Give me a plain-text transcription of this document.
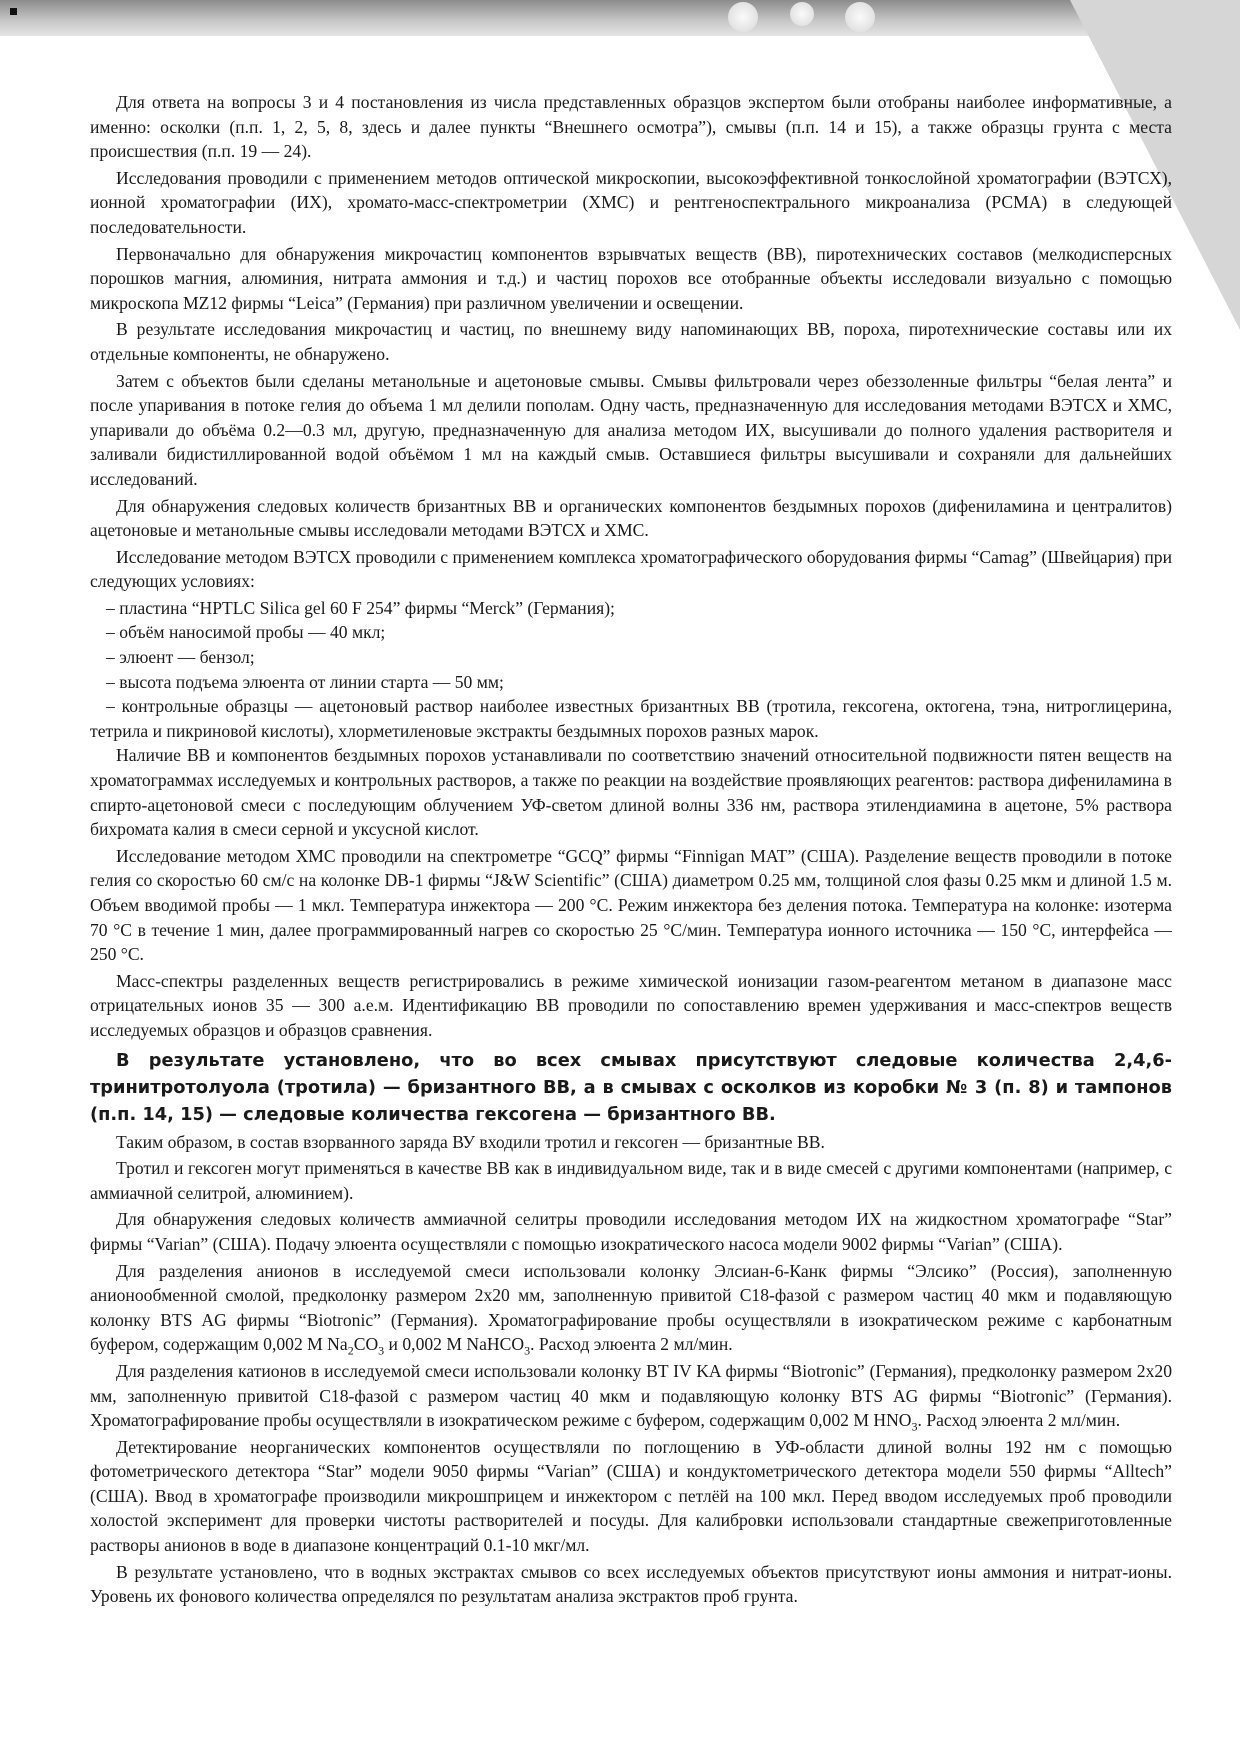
Для ответа на вопросы 3 и 4 постановления из числа представленных образцов экспертом были отобраны наиболее информативные, а именно: осколки (п.п. 1, 2, 5, 8, здесь и далее пункты “Внешнего осмотра”), смывы (п.п. 14 и 15), а также образцы грунта с места происшествия (п.п. 19 — 24).

Исследования проводили с применением методов оптической микроскопии, высокоэффективной тонкослойной хроматографии (ВЭТСХ), ионной хроматографии (ИХ), хромато-масс-спектрометрии (ХМС) и рентгеноспектрального микроанализа (РСМА) в следующей последовательности.

Первоначально для обнаружения микрочастиц компонентов взрывчатых веществ (ВВ), пиротехнических составов (мелкодисперсных порошков магния, алюминия, нитрата аммония и т.д.) и частиц порохов все отобранные объекты исследовали визуально с помощью микроскопа MZ12 фирмы “Leica” (Германия) при различном увеличении и освещении.

В результате исследования микрочастиц и частиц, по внешнему виду напоминающих ВВ, пороха, пиротехнические составы или их отдельные компоненты, не обнаружено.

Затем с объектов были сделаны метанольные и ацетоновые смывы. Смывы фильтровали через обеззоленные фильтры “белая лента” и после упаривания в потоке гелия до объема 1 мл делили пополам. Одну часть, предназначенную для исследования методами ВЭТСХ и ХМС, упаривали до объёма 0.2—0.3 мл, другую, предназначенную для анализа методом ИХ, высушивали до полного удаления растворителя и заливали бидистиллированной водой объёмом 1 мл на каждый смыв. Оставшиеся фильтры высушивали и сохраняли для дальнейших исследований.

Для обнаружения следовых количеств бризантных ВВ и органических компонентов бездымных порохов (дифениламина и централитов) ацетоновые и метанольные смывы исследовали методами ВЭТСХ и ХМС.

Исследование методом ВЭТСХ проводили с применением комплекса хроматографического оборудования фирмы “Camag” (Швейцария) при следующих условиях:

– пластина “HPTLC Silica gel 60 F 254” фирмы “Merck” (Германия);

– объём наносимой пробы — 40 мкл;

– элюент — бензол;

– высота подъема элюента от линии старта — 50 мм;

– контрольные образцы — ацетоновый раствор наиболее известных бризантных ВВ (тротила, гексогена, октогена, тэна, нитроглицерина, тетрила и пикриновой кислоты), хлорметиленовые экстракты бездымных порохов разных марок.

Наличие ВВ и компонентов бездымных порохов устанавливали по соответствию значений относительной подвижности пятен веществ на хроматограммах исследуемых и контрольных растворов, а также по реакции на воздействие проявляющих реагентов: раствора дифениламина в спирто-ацетоновой смеси с последующим облучением УФ-светом длиной волны 336 нм, раствора этилендиамина в ацетоне, 5% раствора бихромата калия в смеси серной и уксусной кислот.

Исследование методом ХМС проводили на спектрометре “GCQ” фирмы “Finnigan MAT” (США). Разделение веществ проводили в потоке гелия со скоростью 60 см/с на колонке DB-1 фирмы “J&W Scientific” (США) диаметром 0.25 мм, толщиной слоя фазы 0.25 мкм и длиной 1.5 м. Объем вводимой пробы — 1 мкл. Температура инжектора — 200 °С. Режим инжектора без деления потока. Температура на колонке: изотерма 70 °С в течение 1 мин, далее программированный нагрев со скоростью 25 °С/мин. Температура ионного источника — 150 °С, интерфейса — 250 °С.

Масс-спектры разделенных веществ регистрировались в режиме химической ионизации газом-реагентом метаном в диапазоне масс отрицательных ионов 35 — 300 а.е.м. Идентификацию ВВ проводили по сопоставлению времен удерживания и масс-спектров веществ исследуемых образцов и образцов сравнения.

В результате установлено, что во всех смывах присутствуют следовые количества 2,4,6-тринитротолуола (тротила) — бризантного ВВ, а в смывах с осколков из коробки № 3 (п. 8) и тампонов (п.п. 14, 15) — следовые количества гексогена — бризантного ВВ.

Таким образом, в состав взорванного заряда ВУ входили тротил и гексоген — бризантные ВВ.

Тротил и гексоген могут применяться в качестве ВВ как в индивидуальном виде, так и в виде смесей с другими компонентами (например, с аммиачной селитрой, алюминием).

Для обнаружения следовых количеств аммиачной селитры проводили исследования методом ИХ на жидкостном хроматографе “Star” фирмы “Varian” (США). Подачу элюента осуществляли с помощью изократического насоса модели 9002 фирмы “Varian” (США).

Для разделения анионов в исследуемой смеси использовали колонку Элсиан-6-Канк фирмы “Элсико” (Россия), заполненную анионообменной смолой, предколонку размером 2х20 мм, заполненную привитой С18-фазой с размером частиц 40 мкм и подавляющую колонку BTS AG фирмы “Biotronic” (Германия). Хроматографирование пробы осуществляли в изократическом режиме с карбонатным буфером, содержащим 0,002 М $Na_2CO_3$ и 0,002 М NaHCO$_3$. Расход элюента 2 мл/мин.

Для разделения катионов в исследуемой смеси использовали колонку BT IV KA фирмы “Biotronic” (Германия), предколонку размером 2х20 мм, заполненную привитой С18-фазой с размером частиц 40 мкм и подавляющую колонку BTS AG фирмы “Biotronic” (Германия). Хроматографирование пробы осуществляли в изократическом режиме с буфером, содержащим 0,002 М $HNO_3$. Расход элюента 2 мл/мин.

Детектирование неорганических компонентов осуществляли по поглощению в УФ-области длиной волны 192 нм с помощью фотометрического детектора “Star” модели 9050 фирмы “Varian” (США) и кондуктометрического детектора модели 550 фирмы “Alltech” (США). Ввод в хроматографе производили микрошприцем и инжектором с петлёй на 100 мкл. Перед вводом исследуемых проб проводили холостой эксперимент для проверки чистоты растворителей и посуды. Для калибровки использовали стандартные свежеприготовленные растворы анионов в воде в диапазоне концентраций 0.1-10 мкг/мл.

В результате установлено, что в водных экстрактах смывов со всех исследуемых объектов присутствуют ионы аммония и нитрат-ионы. Уровень их фонового количества определялся по результатам анализа экстрактов проб грунта.
